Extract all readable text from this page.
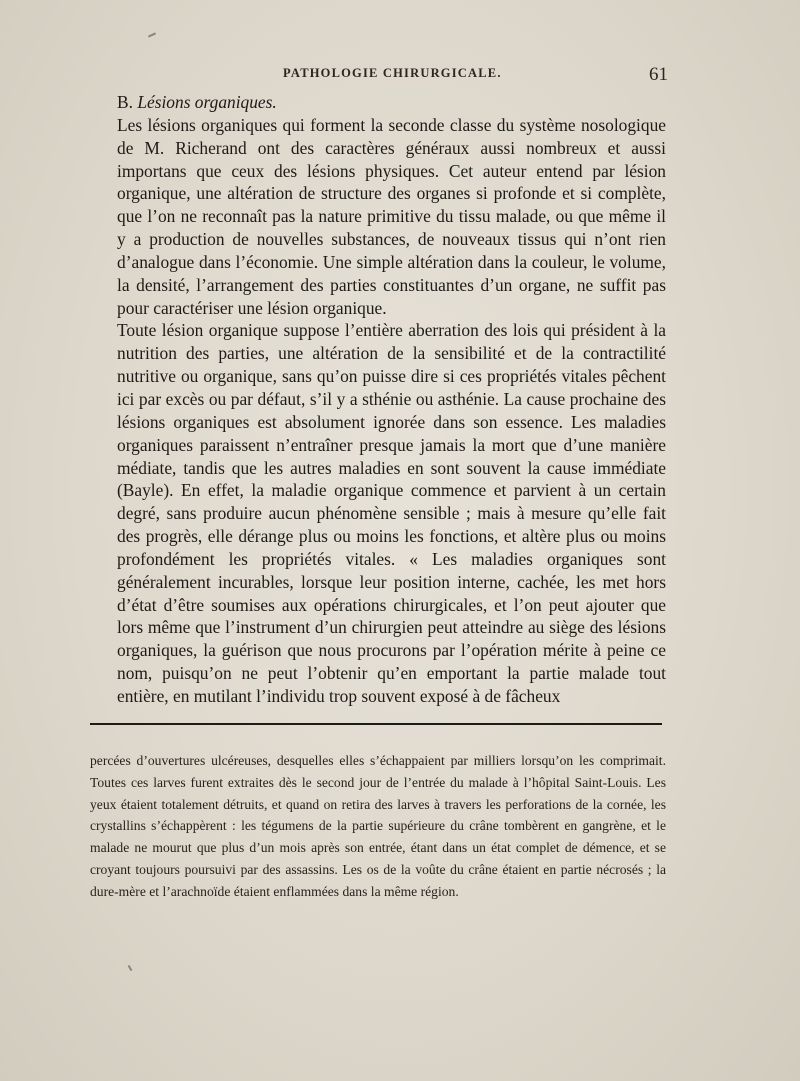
PATHOLOGIE CHIRURGICALE.	61

B. Lésions organiques.

Les lésions organiques qui forment la seconde classe du système nosologique de M. Richerand ont des caractères généraux aussi nombreux et aussi importans que ceux des lésions physiques. Cet auteur entend par lésion organique, une altération de structure des organes si profonde et si complète, que l’on ne reconnaît pas la nature primitive du tissu malade, ou que même il y a production de nouvelles substances, de nouveaux tissus qui n’ont rien d’analogue dans l’économie. Une simple altération dans la couleur, le volume, la densité, l’arrangement des parties constituantes d’un organe, ne suffit pas pour caractériser une lésion organique.

Toute lésion organique suppose l’entière aberration des lois qui président à la nutrition des parties, une altération de la sensibilité et de la contractilité nutritive ou organique, sans qu’on puisse dire si ces propriétés vitales pêchent ici par excès ou par défaut, s’il y a sthénie ou asthénie. La cause prochaine des lésions organiques est absolument ignorée dans son essence. Les maladies organiques paraissent n’entraîner presque jamais la mort que d’une manière médiate, tandis que les autres maladies en sont souvent la cause immédiate (Bayle). En effet, la maladie organique commence et parvient à un certain degré, sans produire aucun phénomène sensible ; mais à mesure qu’elle fait des progrès, elle dérange plus ou moins les fonctions, et altère plus ou moins profondément les propriétés vitales. « Les maladies organiques sont généralement incurables, lorsque leur position interne, cachée, les met hors d’état d’être soumises aux opérations chirurgicales, et l’on peut ajouter que lors même que l’instrument d’un chirurgien peut atteindre au siège des lésions organiques, la guérison que nous procurons par l’opération mérite à peine ce nom, puisqu’on ne peut l’obtenir qu’en emportant la partie malade tout entière, en mutilant l’individu trop souvent exposé à de fâcheux

percées d’ouvertures ulcéreuses, desquelles elles s’échappaient par milliers lorsqu’on les comprimait. Toutes ces larves furent extraites dès le second jour de l’entrée du malade à l’hôpital Saint-Louis. Les yeux étaient totalement détruits, et quand on retira des larves à travers les perforations de la cornée, les crystallins s’échappèrent : les tégumens de la partie supérieure du crâne tombèrent en gangrène, et le malade ne mourut que plus d’un mois après son entrée, étant dans un état complet de démence, et se croyant toujours poursuivi par des assassins. Les os de la voûte du crâne étaient en partie nécrosés ; la dure-mère et l’arachnoïde étaient enflammées dans la même région.
